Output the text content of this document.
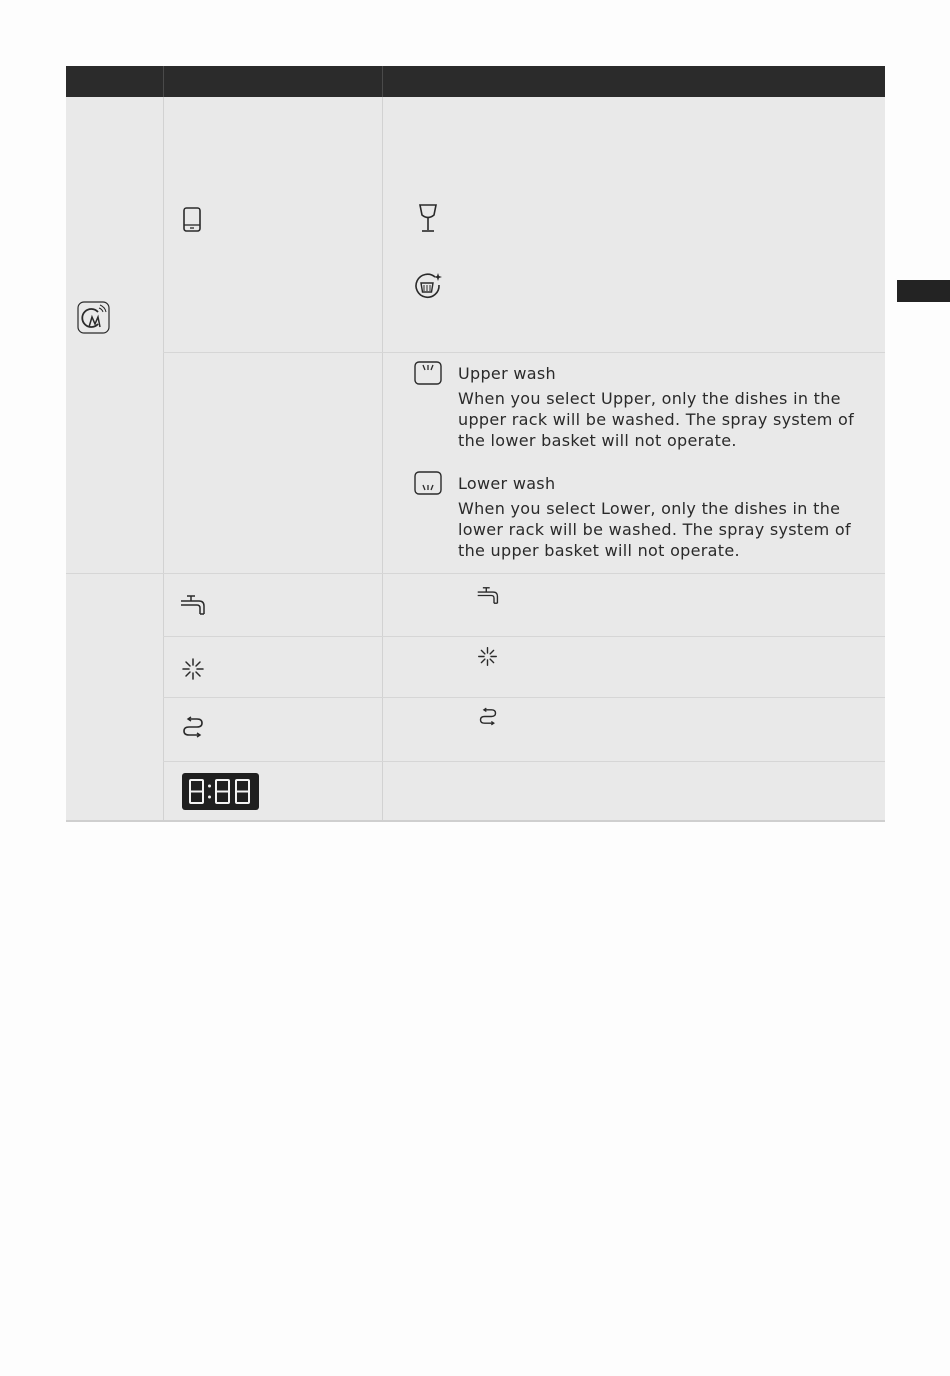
Upper wash
When you select Upper, only the dishes in the upper rack will be washed. The spray system of the lower basket will not operate.
Lower wash
When you select Lower, only the dishes in the lower rack will be washed. The spray system of the upper basket will not operate.
8:88
